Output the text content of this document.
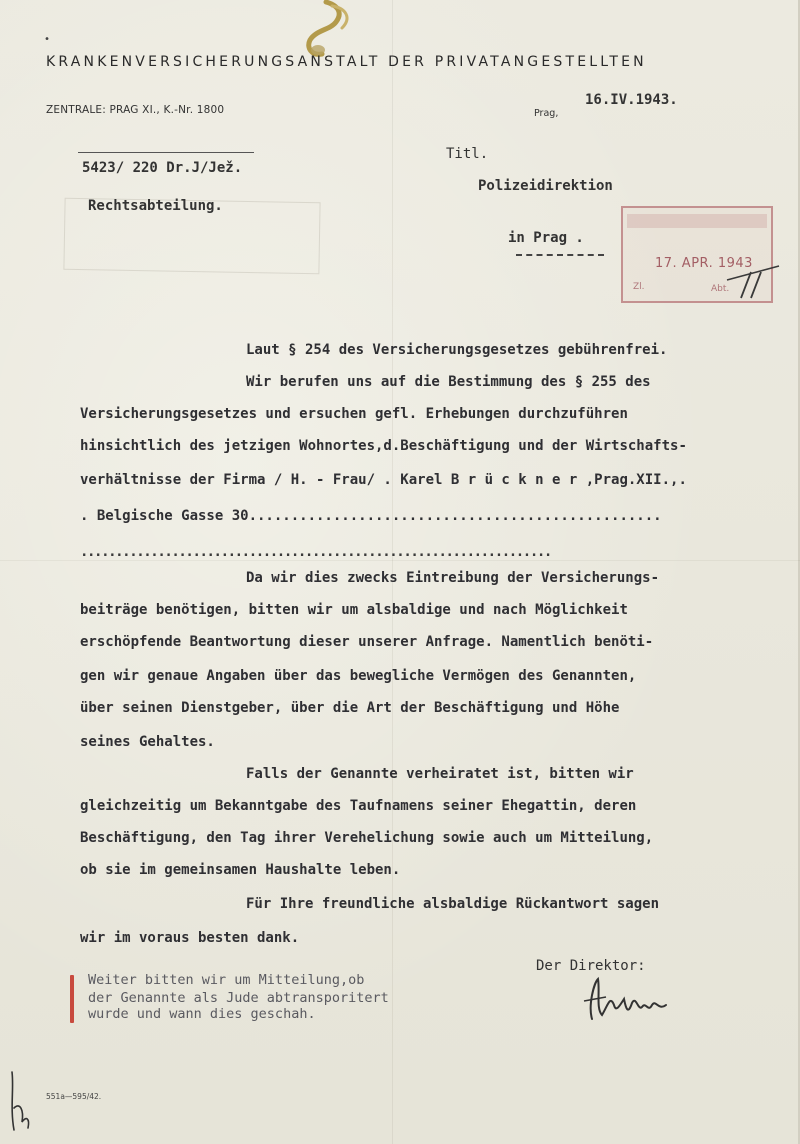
•
KRANKENVERSICHERUNGSANSTALT DER PRIVATANGESTELLTEN
ZENTRALE: PRAG XI., K.-Nr. 1800	Prag,
16.IV.1943.
5423/ 220 Dr.J/Jež.
Rechtsabteilung.
Titl.
Polizeidirektion
in Prag .
17. APR. 1943
Zl.	Abt.
Laut § 254 des Versicherungsgesetzes gebührenfrei.
Wir berufen uns auf die Bestimmung des § 255 des
Versicherungsgesetzes und ersuchen gefl. Erhebungen durchzuführen
hinsichtlich des jetzigen Wohnortes,d.Beschäftigung und der Wirtschafts-
verhältnisse der Firma / H. - Frau/ . Karel B r ü c k n e r ,Prag.XII.,.
. Belgische Gasse 30.................................................
...................................................................
Da wir dies zwecks Eintreibung der Versicherungs-
beiträge benötigen, bitten wir um alsbaldige und nach Möglichkeit
erschöpfende Beantwortung dieser unserer Anfrage. Namentlich benöti-
gen wir genaue Angaben über das bewegliche Vermögen des Genannten,
über seinen Dienstgeber, über die Art der Beschäftigung und Höhe
seines Gehaltes.
Falls der Genannte verheiratet ist, bitten wir
gleichzeitig um Bekanntgabe des Taufnamens seiner Ehegattin, deren
Beschäftigung, den Tag ihrer Verehelichung sowie auch um Mitteilung,
ob sie im gemeinsamen Haushalte leben.
Für Ihre freundliche alsbaldige Rückantwort sagen
wir im voraus besten dank.
Der Direktor:
Weiter bitten wir um Mitteilung,ob
der Genannte als Jude abtransporitert
wurde und wann dies geschah.
551a—595/42.
